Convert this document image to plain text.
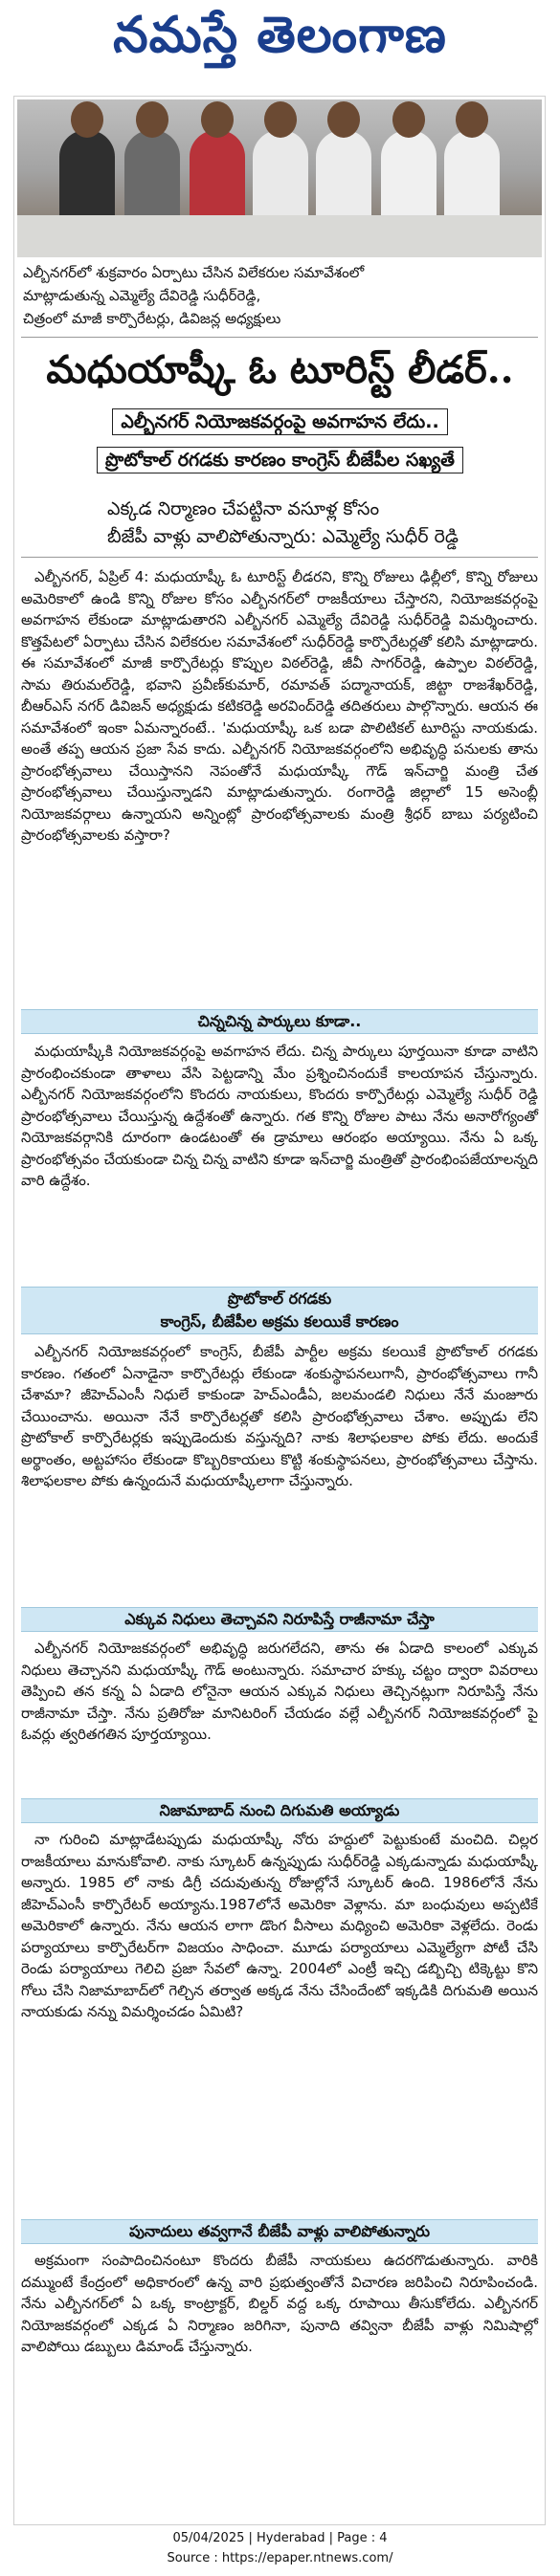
నమస్తే తెలంగాణ
ఎల్బీనగర్‌లో శుక్రవారం ఏర్పాటు చేసిన విలేకరుల సమావేశంలో
మాట్లాడుతున్న ఎమ్మెల్యే దేవిరెడ్డి సుధీర్‌రెడ్డి,
చిత్రంలో మాజీ కార్పొరేటర్లు, డివిజన్ల అధ్యక్షులు
మధుయాష్కీ ఓ టూరిస్ట్ లీడర్..
ఎల్బీనగర్ నియోజకవర్గంపై అవగాహన లేదు..
ప్రొటోకాల్ రగడకు కారణం కాంగ్రెస్ బీజేపీల సఖ్యతే
ఎక్కడ నిర్మాణం చేపట్టినా వసూళ్ల కోసం
బీజేపీ వాళ్లు వాలిపోతున్నారు: ఎమ్మెల్యే సుధీర్ రెడ్డి

ఎల్బీనగర్, ఏప్రిల్ 4: మధుయాష్కీ ఓ టూరిస్ట్ లీడరని, కొన్ని రోజులు ఢిల్లీలో, కొన్ని రోజులు అమెరికాలో ఉండి కొన్ని రోజుల కోసం ఎల్బీనగర్‌లో రాజకీయాలు చేస్తారని, నియోజకవర్గంపై అవగాహన లేకుండా మాట్లాడుతారని ఎల్బీనగర్ ఎమ్మెల్యే దేవిరెడ్డి సుధీర్‌రెడ్డి విమర్శించారు. కొత్తపేటలో ఏర్పాటు చేసిన విలేకరుల సమావేశంలో సుధీర్‌రెడ్డి కార్పొరేటర్లతో కలిసి మాట్లాడారు. ఈ సమావేశంలో మాజీ కార్పొరేటర్లు కొప్పుల విఠల్‌రెడ్డి, జీవీ సాగర్‌రెడ్డి, ఉప్పాల విఠల్‌రెడ్డి, సామ తిరుమల్‌రెడ్డి, భవాని ప్రవీణ్‌కుమార్, రమావత్ పద్మానాయక్, జిట్టా రాజశేఖర్‌రెడ్డి, బీఆర్ఎస్ నగర్ డివిజన్ అధ్యక్షుడు కటికరెడ్డి అరవింద్‌రెడ్డి తదితరులు పాల్గొన్నారు. ఆయన ఈ సమావేశంలో ఇంకా ఏమన్నారంటే.. 'మధుయాష్కీ ఒక బడా పొలిటికల్ టూరిస్టు నాయకుడు. అంతే తప్ప ఆయన ప్రజా సేవ కాదు. ఎల్బీనగర్ నియోజకవర్గంలోని అభివృద్ధి పనులకు తాను ప్రారంభోత్సవాలు చేయిస్తానని నెపంతోనే మధుయాష్కీ గౌడ్ ఇన్‌చార్జి మంత్రి చేత ప్రారంభోత్సవాలు చేయిస్తున్నాడని మాట్లాడుతున్నారు. రంగారెడ్డి జిల్లాలో 15 అసెంబ్లీ నియోజకవర్గాలు ఉన్నాయని అన్నింట్లో ప్రారంభోత్సవాలకు మంత్రి శ్రీధర్ బాబు పర్యటించి ప్రారంభోత్సవాలకు వస్తారా?

చిన్నచిన్న పార్కులు కూడా..

మధుయాష్కీకి నియోజకవర్గంపై అవగాహన లేదు. చిన్న పార్కులు పూర్తయినా కూడా వాటిని ప్రారంభించకుండా తాళాలు వేసి పెట్టడాన్ని మేం ప్రశ్నించినందుకే కాలయాపన చేస్తున్నారు. ఎల్బీనగర్ నియోజకవర్గంలోని కొందరు నాయకులు, కొందరు కార్పొరేటర్లు ఎమ్మెల్యే సుధీర్ రెడ్డి ప్రారంభోత్సవాలు చేయిస్తున్న ఉద్దేశంతో ఉన్నారు. గత కొన్ని రోజుల పాటు నేను అనారోగ్యంతో నియోజకవర్గానికి దూరంగా ఉండటంతో ఈ డ్రామాలు ఆరంభం అయ్యాయి. నేను ఏ ఒక్క ప్రారంభోత్సవం చేయకుండా చిన్న చిన్న వాటిని కూడా ఇన్‌చార్జి మంత్రితో ప్రారంభింపజేయాలన్నది వారి ఉద్దేశం.

ప్రొటోకాల్ రగడకు
కాంగ్రెస్, బీజేపీల అక్రమ కలయికే కారణం

ఎల్బీనగర్ నియోజకవర్గంలో కాంగ్రెస్, బీజేపీ పార్టీల అక్రమ కలయికే ప్రొటోకాల్ రగడకు కారణం. గతంలో ఏనాడైనా కార్పొరేటర్లు లేకుండా శంకుస్థాపనలుగానీ, ప్రారంభోత్సవాలు గానీ చేశామా? జీహెచ్ఎంసీ నిధులే కాకుండా హెచ్ఎండీఏ, జలమండలి నిధులు నేనే మంజూరు చేయించాను. అయినా నేనే కార్పొరేటర్లతో కలిసి ప్రారంభోత్సవాలు చేశాం. అప్పుడు లేని ప్రొటోకాల్ కార్పొరేటర్లకు ఇప్పుడెందుకు వస్తున్నది? నాకు శిలాఫలకాల పోకు లేదు. అందుకే అర్థాంతం, అట్టహాసం లేకుండా కొబ్బరికాయలు కొట్టి శంకుస్థాపనలు, ప్రారంభోత్సవాలు చేస్తాను. శిలాఫలకాల పోకు ఉన్నందునే మధుయాష్కీలాగా చేస్తున్నారు.

ఎక్కువ నిధులు తెచ్చావని నిరూపిస్తే రాజీనామా చేస్తా

ఎల్బీనగర్ నియోజకవర్గంలో అభివృద్ధి జరుగలేదని, తాను ఈ ఏడాది కాలంలో ఎక్కువ నిధులు తెచ్చానని మధుయాష్కీ గౌడ్ అంటున్నారు. సమాచార హక్కు చట్టం ద్వారా వివరాలు తెప్పించి తన కన్న ఏ ఏడాది లోనైనా ఆయన ఎక్కువ నిధులు తెచ్చినట్లుగా నిరూపిస్తే నేను రాజీనామా చేస్తా. నేను ప్రతిరోజు మానిటరింగ్ చేయడం వల్లే ఎల్బీనగర్ నియోజకవర్గంలో పై ఓవర్లు త్వరితగతిన పూర్తయ్యాయి.

నిజామాబాద్ నుంచి దిగుమతి అయ్యాడు

నా గురించి మాట్లాడేటప్పుడు మధుయాష్కీ నోరు హద్దులో పెట్టుకుంటే మంచిది. చిల్లర రాజకీయాలు మానుకోవాలి. నాకు స్కూటర్ ఉన్నప్పుడు సుధీర్‌రెడ్డి ఎక్కడున్నాడు మధుయాష్కీ అన్నారు. 1985 లో నాకు డిగ్రీ చదువుతున్న రోజుల్లోనే స్కూటర్ ఉంది. 1986లోనే నేను జీహెచ్ఎంసీ కార్పొరేటర్ అయ్యాను.1987లోనే అమెరికా వెళ్లాను. మా బంధువులు అప్పటికే అమెరికాలో ఉన్నారు. నేను ఆయన లాగా డొంగ వీసాలు మధ్యించి అమెరికా వెళ్లలేదు. రెండు పర్యాయాలు కార్పొరేటర్‌గా విజయం సాధించా. మూడు పర్యాయాలు ఎమ్మెల్యేగా పోటీ చేసి రెండు పర్యాయాలు గెలిచి ప్రజా సేవలో ఉన్నా. 2004లో ఎంట్రీ ఇచ్చి డబ్బిచ్చి టిక్కెట్టు కొని గోలు చేసి నిజామాబాద్‌లో గెల్చిన తర్వాత అక్కడ నేను చేసిందేంటో ఇక్కడికి దిగుమతి అయిన నాయకుడు నన్ను విమర్శించడం ఏమిటి?

పునాదులు తవ్వగానే బీజేపీ వాళ్లు వాలిపోతున్నారు

అక్రమంగా సంపాదించినంటూ కొందరు బీజేపీ నాయకులు ఉదరగొడుతున్నారు. వారికి దమ్ముంటే కేంద్రంలో అధికారంలో ఉన్న వారి ప్రభుత్వంతోనే విచారణ జరిపించి నిరూపించండి. నేను ఎల్బీనగర్‌లో ఏ ఒక్క కాంట్రాక్టర్, బిల్డర్ వద్ద ఒక్క రూపాయి తీసుకోలేదు. ఎల్బీనగర్ నియోజకవర్గంలో ఎక్కడ ఏ నిర్మాణం జరిగినా, పునాది తవ్వినా బీజేపీ వాళ్లు నిమిషాల్లో వాలిపోయి డబ్బులు డిమాండ్ చేస్తున్నారు.

05/04/2025 | Hyderabad | Page : 4
Source : https://epaper.ntnews.com/
